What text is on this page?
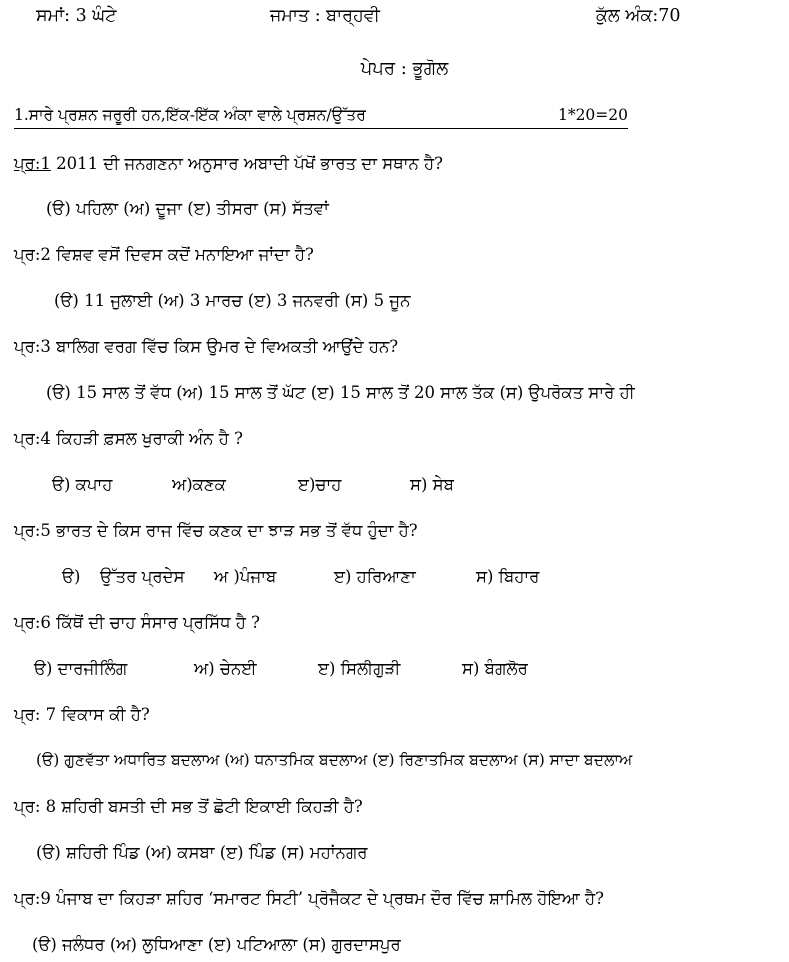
ਸਮਾਂ: 3 ਘੰਟੇ	ਜਮਾਤ : ਬਾਰ੍ਹਵੀ	ਕੁੱਲ ਅੰਕ:70
ਪੇਪਰ : ਭੂਗੋਲ
1.ਸਾਰੇ ਪ੍ਰਸ਼ਨ ਜਰੂਰੀ ਹਨ,ਇੱਕ-ਇੱਕ ਅੰਕਾ ਵਾਲੇ ਪ੍ਰਸ਼ਨ/ਉੱਤਰ	1*20=20
ਪ੍ਰ:1 2011 ਦੀ ਜਨਗਣਨਾ ਅਨੁਸਾਰ ਅਬਾਦੀ ਪੱਖੋਂ ਭਾਰਤ ਦਾ ਸਥਾਨ ਹੈ?
(ੳ) ਪਹਿਲਾ (ਅ) ਦੂਜਾ (ੲ) ਤੀਸਰਾ (ਸ) ਸੱਤਵਾਂ
ਪ੍ਰ:2 ਵਿਸ਼ਵ ਵਸੋਂ ਦਿਵਸ ਕਦੋਂ ਮਨਾਇਆ ਜਾਂਦਾ ਹੈ?
(ੳ) 11 ਜੁਲਾਈ (ਅ) 3 ਮਾਰਚ (ੲ) 3 ਜਨਵਰੀ (ਸ) 5 ਜੂਨ
ਪ੍ਰ:3 ਬਾਲਿਗ ਵਰਗ ਵਿੱਚ ਕਿਸ ਉਮਰ ਦੇ ਵਿਅਕਤੀ ਆਉਂਦੇ ਹਨ?
(ੳ) 15 ਸਾਲ ਤੋਂ ਵੱਧ (ਅ) 15 ਸਾਲ ਤੋਂ ਘੱਟ (ੲ) 15 ਸਾਲ ਤੋਂ 20 ਸਾਲ ਤੱਕ (ਸ) ਉਪਰੋਕਤ ਸਾਰੇ ਹੀ
ਪ੍ਰ:4 ਕਿਹੜੀ ਫ਼ਸਲ ਖੁਰਾਕੀ ਅੰਨ ਹੈ ?
ੳ) ਕਪਾਹ	ਅ)ਕਣਕ	ੲ)ਚਾਹ	ਸ) ਸੇਬ
ਪ੍ਰ:5 ਭਾਰਤ ਦੇ ਕਿਸ ਰਾਜ ਵਿੱਚ ਕਣਕ ਦਾ ਝਾੜ ਸਭ ਤੋਂ ਵੱਧ ਹੁੰਦਾ ਹੈ?
ੳ) ਉੱਤਰ ਪ੍ਰਦੇਸ ਅ )ਪੰਜਾਬ	ੲ) ਹਰਿਆਣਾ	ਸ) ਬਿਹਾਰ
ਪ੍ਰ:6 ਕਿੱਥੋਂ ਦੀ ਚਾਹ ਸੰਸਾਰ ਪ੍ਰਸਿੱਧ ਹੈ ?
ੳ) ਦਾਰਜੀਲਿੰਗ	ਅ) ਚੇਨਈ	ੲ) ਸਿਲੀਗੁੜੀ	ਸ) ਬੰਗਲੋਰ
ਪ੍ਰ: 7 ਵਿਕਾਸ ਕੀ ਹੈ?
(ੳ) ਗੁਣਵੱਤਾ ਅਧਾਰਿਤ ਬਦਲਾਅ (ਅ) ਧਨਾਤਮਿਕ ਬਦਲਾਅ (ੲ) ਰਿਣਾਤਮਿਕ ਬਦਲਾਅ (ਸ) ਸਾਦਾ ਬਦਲਾਅ
ਪ੍ਰ: 8 ਸ਼ਹਿਰੀ ਬਸਤੀ ਦੀ ਸਭ ਤੋਂ ਛੋਟੀ ਇਕਾਈ ਕਿਹੜੀ ਹੈ?
(ੳ) ਸ਼ਹਿਰੀ ਪਿੰਡ (ਅ) ਕਸਬਾ (ੲ) ਪਿੰਡ (ਸ) ਮਹਾਂਨਗਰ
ਪ੍ਰ:9 ਪੰਜਾਬ ਦਾ ਕਿਹੜਾ ਸ਼ਹਿਰ ‘ਸਮਾਰਟ ਸਿਟੀ’ ਪ੍ਰੋਜੈਕਟ ਦੇ ਪ੍ਰਥਮ ਦੌਰ ਵਿੱਚ ਸ਼ਾਮਿਲ ਹੋਇਆ ਹੈ?
(ੳ) ਜਲੰਧਰ (ਅ) ਲੁਧਿਆਣਾ (ੲ) ਪਟਿਆਲਾ (ਸ) ਗੁਰਦਾਸਪੁਰ
